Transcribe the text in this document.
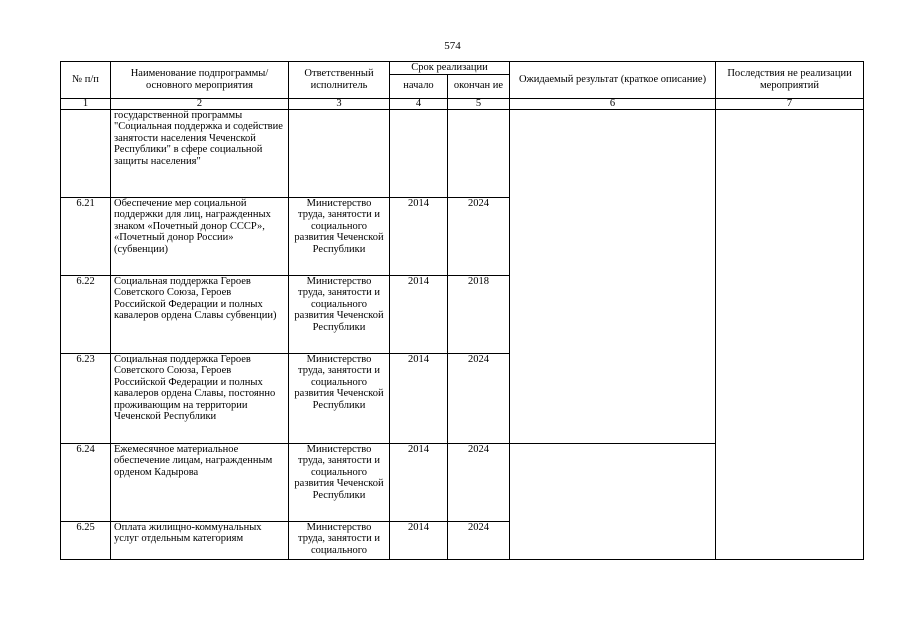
574
№ п/п	Наименование подпрограммы/ основного мероприятия	Ответственный исполнитель	Срок реализации		Ожидаемый результат (краткое описание)	Последствия не реализации мероприятий
			начало	окончан ие		
1	2	3	4	5	6	7
	государственной программы "Социальная поддержка и содействие занятости населения Чеченской Республики" в сфере социальной защиты населения"					
6.21	Обеспечение мер социальной поддержки для лиц, награжденных знаком «Почетный донор СССР», «Почетный донор России» (субвенции)	Министерство труда, занятости и социального развития Чеченской Республики	2014	2024		
6.22	Социальная поддержка Героев Советского Союза, Героев Российской Федерации и полных кавалеров ордена Славы субвенции)	Министерство труда, занятости и социального развития Чеченской Республики	2014	2018		
6.23	Социальная поддержка Героев Советского Союза, Героев Российской Федерации и полных кавалеров ордена Славы, постоянно проживающим на территории Чеченской Республики	Министерство труда, занятости и социального развития Чеченской Республики	2014	2024		
6.24	Ежемесячное материальное обеспечение лицам, награжденным орденом Кадырова	Министерство труда, занятости и социального развития Чеченской Республики	2014	2024		
6.25	Оплата жилищно-коммунальных услуг отдельным категориям	Министерство труда, занятости и социального	2014	2024		
